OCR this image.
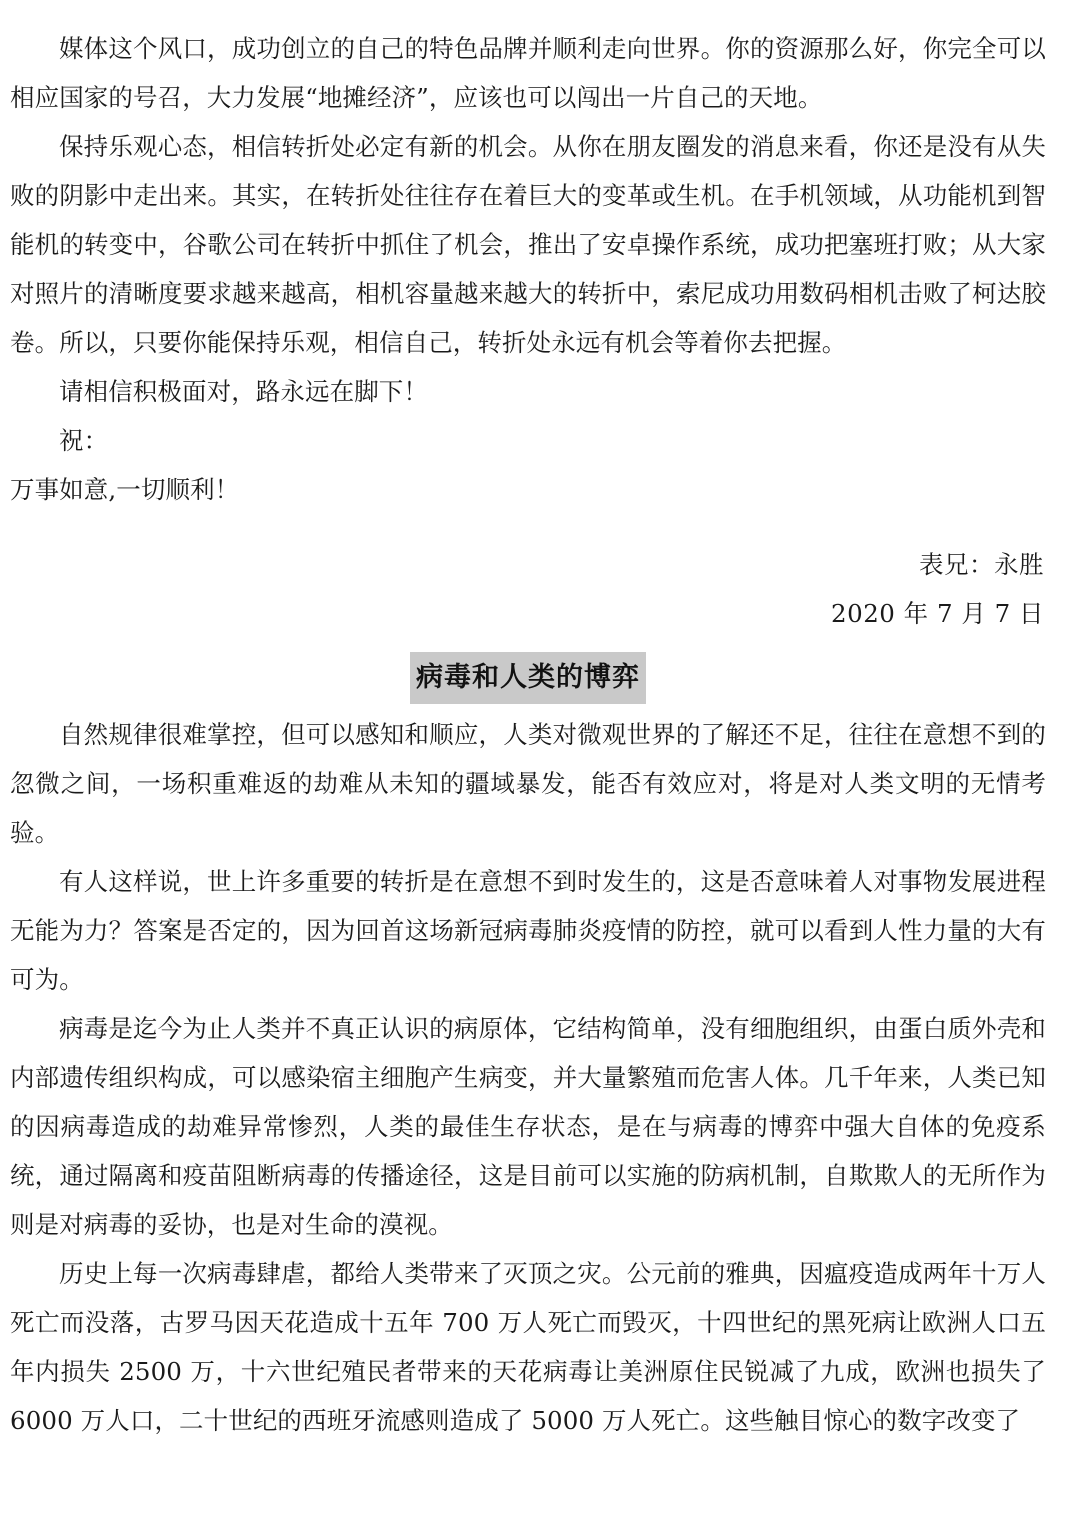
媒体这个风口，成功创立的自己的特色品牌并顺利走向世界。你的资源那么好，你完全可以相应国家的号召，大力发展“地摊经济”，应该也可以闯出一片自己的天地。

保持乐观心态，相信转折处必定有新的机会。从你在朋友圈发的消息来看，你还是没有从失败的阴影中走出来。其实，在转折处往往存在着巨大的变革或生机。在手机领域，从功能机到智能机的转变中，谷歌公司在转折中抓住了机会，推出了安卓操作系统，成功把塞班打败；从大家对照片的清晰度要求越来越高，相机容量越来越大的转折中，索尼成功用数码相机击败了柯达胶卷。所以，只要你能保持乐观，相信自己，转折处永远有机会等着你去把握。

请相信积极面对，路永远在脚下！

祝：

万事如意,一切顺利！

表兄：永胜

2020 年 7 月 7 日

病毒和人类的博弈

自然规律很难掌控，但可以感知和顺应，人类对微观世界的了解还不足，往往在意想不到的忽微之间，一场积重难返的劫难从未知的疆域暴发，能否有效应对，将是对人类文明的无情考验。

有人这样说，世上许多重要的转折是在意想不到时发生的，这是否意味着人对事物发展进程无能为力？答案是否定的，因为回首这场新冠病毒肺炎疫情的防控，就可以看到人性力量的大有可为。

病毒是迄今为止人类并不真正认识的病原体，它结构简单，没有细胞组织，由蛋白质外壳和内部遗传组织构成，可以感染宿主细胞产生病变，并大量繁殖而危害人体。几千年来，人类已知的因病毒造成的劫难异常惨烈，人类的最佳生存状态，是在与病毒的博弈中强大自体的免疫系统，通过隔离和疫苗阻断病毒的传播途径，这是目前可以实施的防病机制，自欺欺人的无所作为则是对病毒的妥协，也是对生命的漠视。

历史上每一次病毒肆虐，都给人类带来了灭顶之灾。公元前的雅典，因瘟疫造成两年十万人死亡而没落，古罗马因天花造成十五年 700 万人死亡而毁灭，十四世纪的黑死病让欧洲人口五年内损失 2500 万，十六世纪殖民者带来的天花病毒让美洲原住民锐减了九成，欧洲也损失了 6000 万人口，二十世纪的西班牙流感则造成了 5000 万人死亡。这些触目惊心的数字改变了
